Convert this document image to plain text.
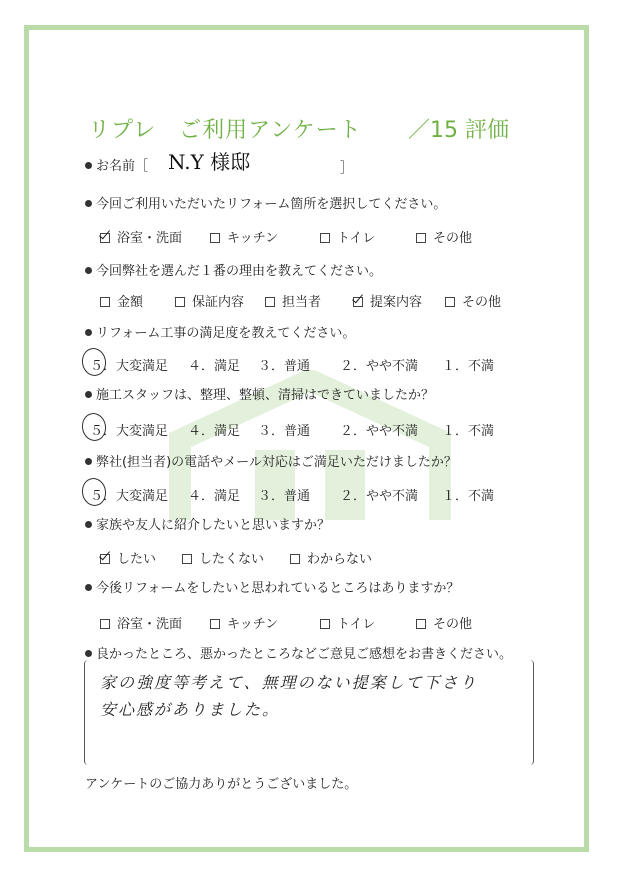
リプレ　ご利用アンケート ／15 評価
お名前［ N.Y 様邸	］
今回ご利用いただいたリフォーム箇所を選択してください。
浴室・洗面	キッチン	トイレ	その他
今回弊社を選んだ１番の理由を教えてください。
金額	保証内容	担当者	提案内容	その他
リフォーム工事の満足度を教えてください。
５．大変満足 ４．満足 ３．普通 ２．やや不満 １．不満
施工スタッフは、整理、整頓、清掃はできていましたか？
５．大変満足 ４．満足 ３．普通 ２．やや不満 １．不満
弊社(担当者)の電話やメール対応はご満足いただけましたか？
５．大変満足 ４．満足 ３．普通 ２．やや不満 １．不満
家族や友人に紹介したいと思いますか？
したい	したくない	わからない
今後リフォームをしたいと思われているところはありますか？
浴室・洗面	キッチン	トイレ	その他
良かったところ、悪かったところなどご意見ご感想をお書きください。
家の強度等考えて、無理のない提案して下さり
安心感がありました。
アンケートのご協力ありがとうございました。
